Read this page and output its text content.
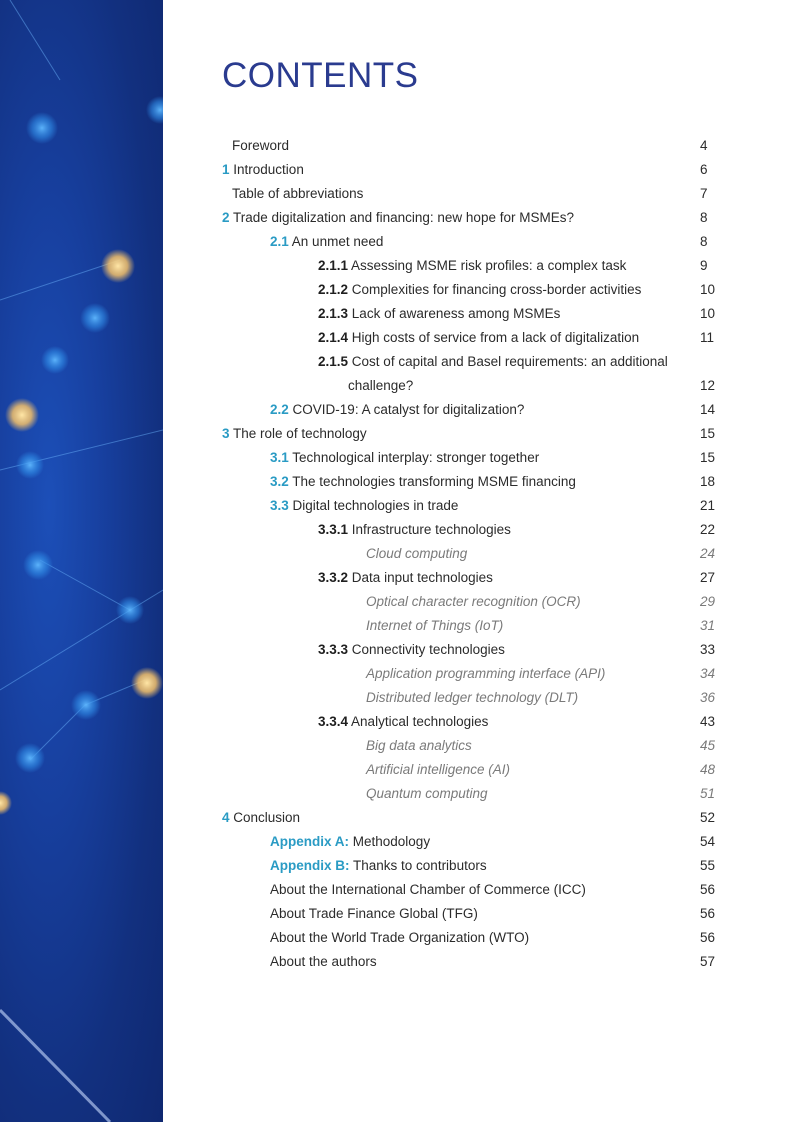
CONTENTS
Foreword	4
1 Introduction	6
Table of abbreviations	7
2 Trade digitalization and financing: new hope for MSMEs?	8
2.1 An unmet need	8
2.1.1 Assessing MSME risk profiles: a complex task	9
2.1.2 Complexities for financing cross-border activities	10
2.1.3 Lack of awareness among MSMEs	10
2.1.4 High costs of service from a lack of digitalization	11
2.1.5 Cost of capital and Basel requirements: an additional
challenge?	12
2.2 COVID-19: A catalyst for digitalization?	14
3 The role of technology	15
3.1 Technological interplay: stronger together	15
3.2 The technologies transforming MSME financing	18
3.3 Digital technologies in trade	21
3.3.1 Infrastructure technologies	22
Cloud computing	24
3.3.2 Data input technologies	27
Optical character recognition (OCR)	29
Internet of Things (IoT)	31
3.3.3 Connectivity technologies	33
Application programming interface (API)	34
Distributed ledger technology (DLT)	36
3.3.4 Analytical technologies	43
Big data analytics	45
Artificial intelligence (AI)	48
Quantum computing	51
4 Conclusion	52
Appendix A: Methodology	54
Appendix B: Thanks to contributors	55
About the International Chamber of Commerce (ICC)	56
About Trade Finance Global (TFG)	56
About the World Trade Organization (WTO)	56
About the authors	57
